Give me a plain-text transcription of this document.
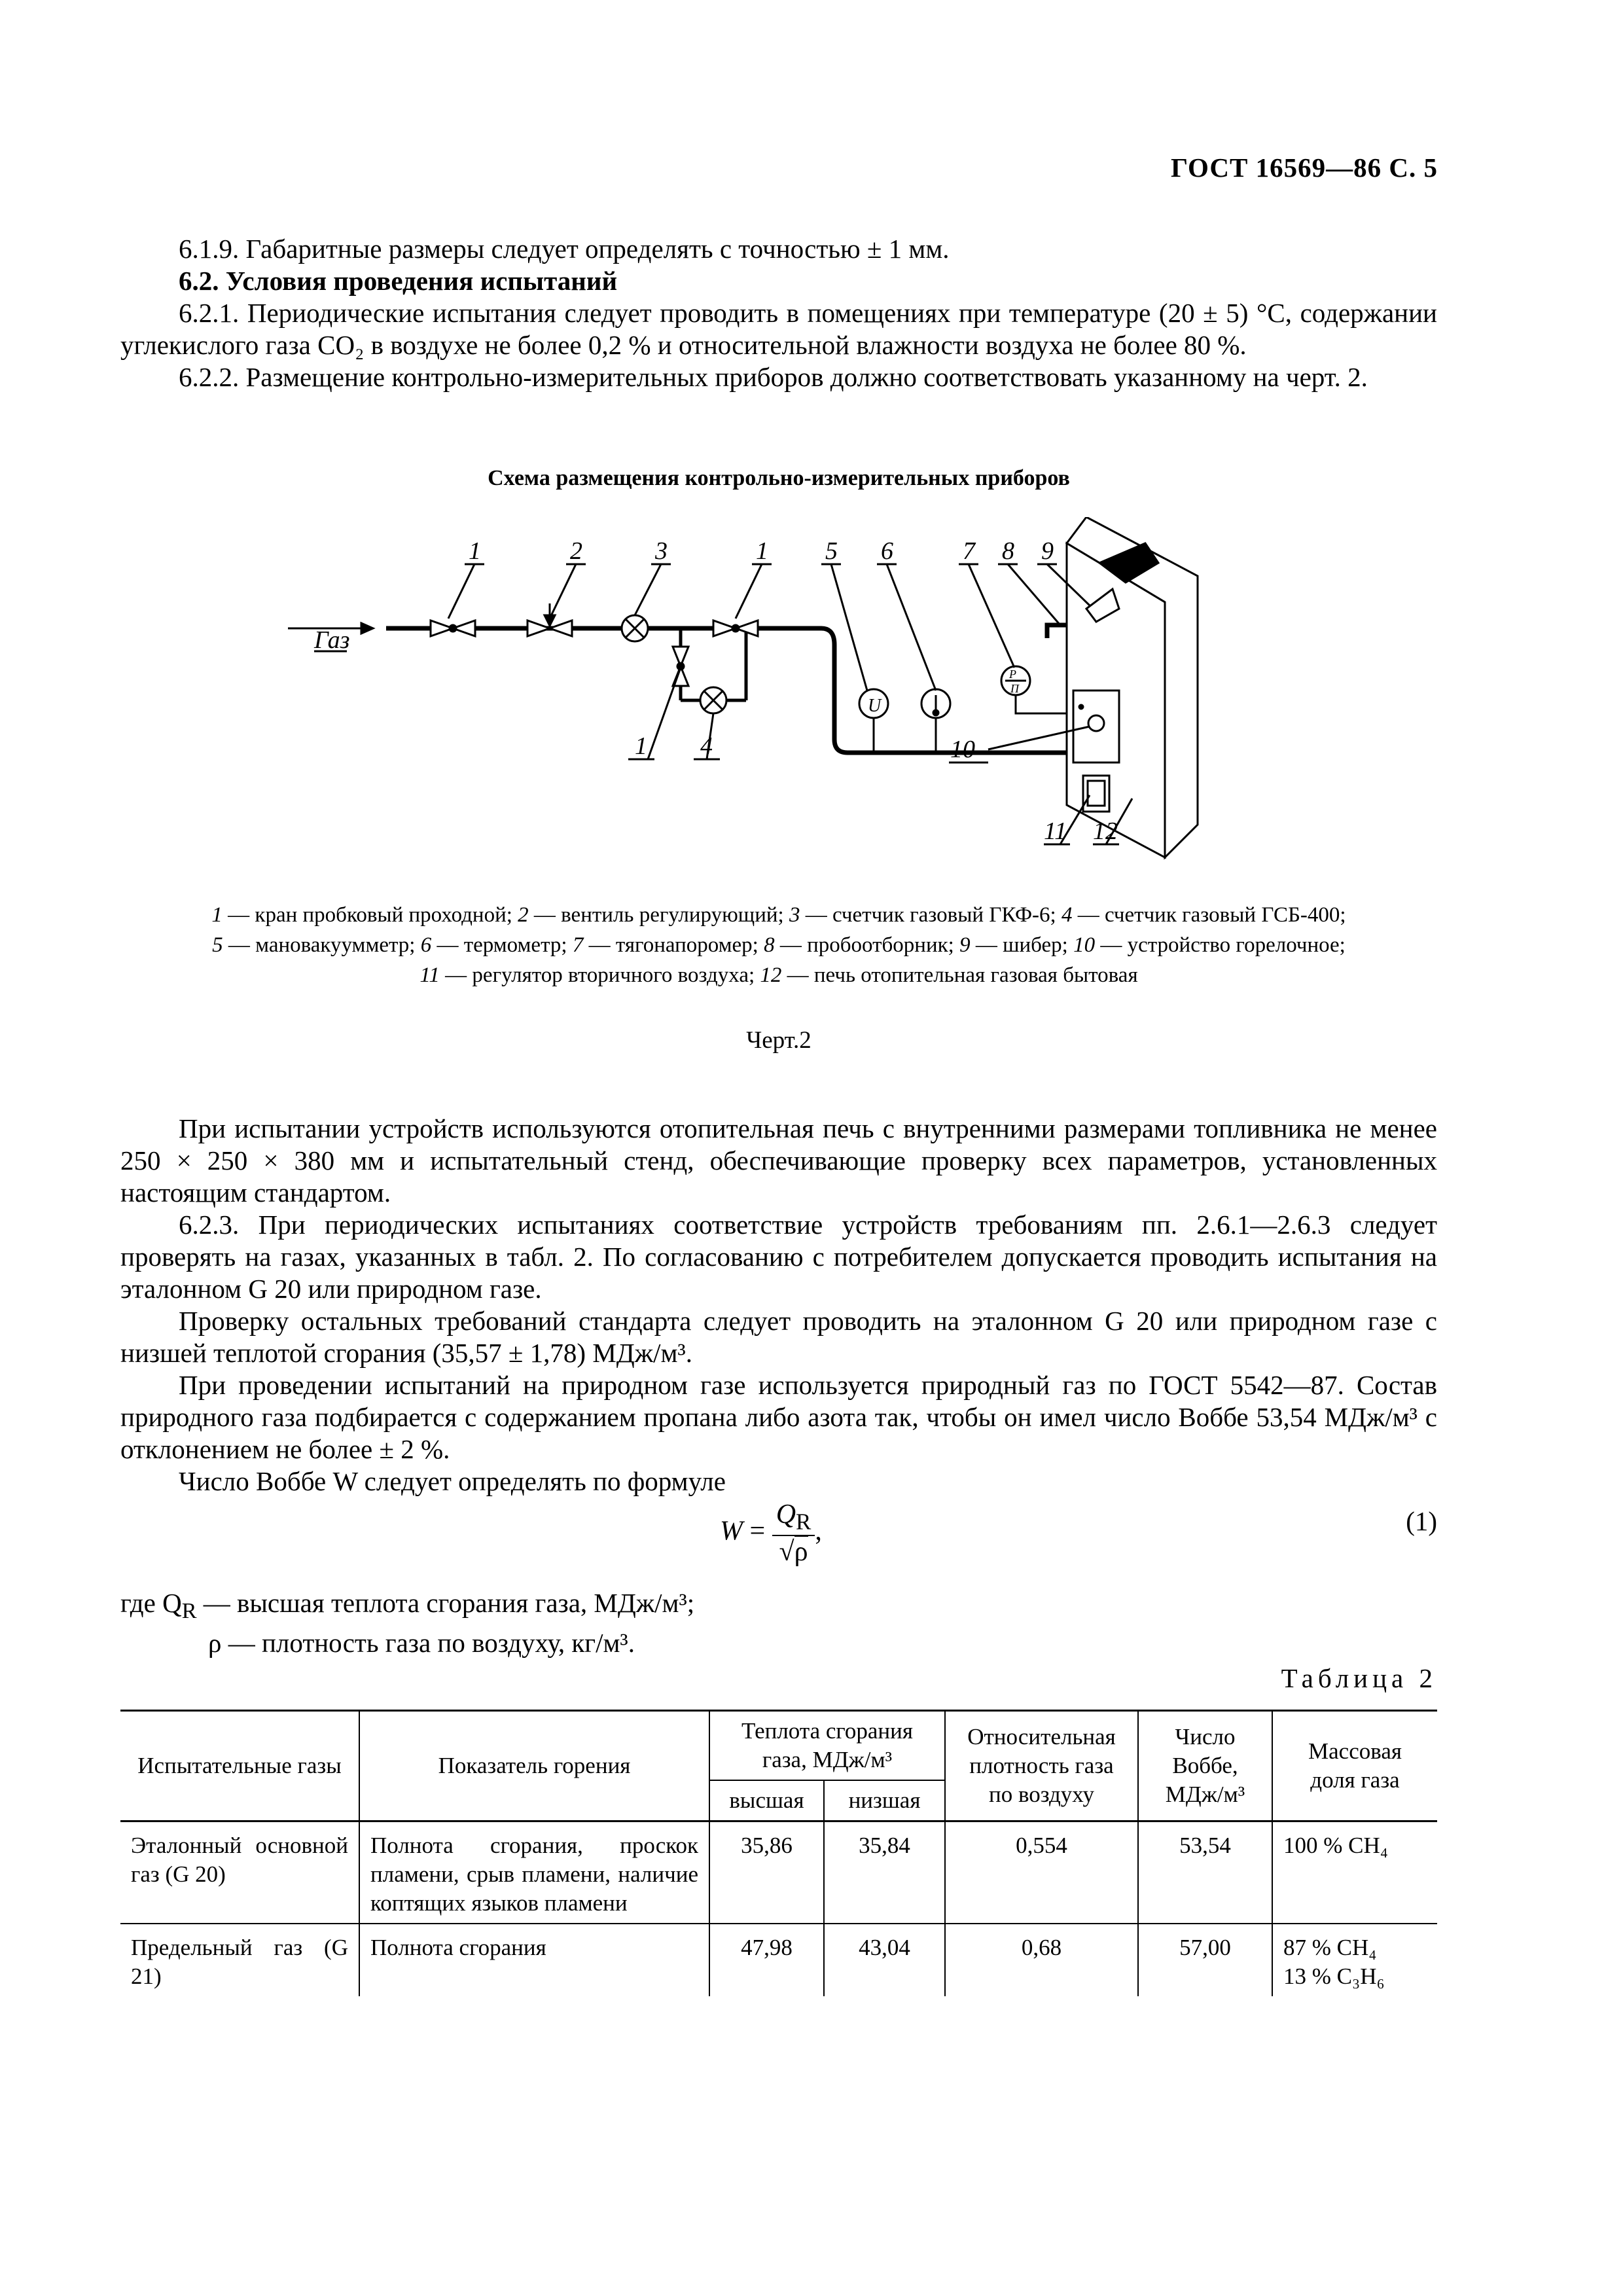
ГОСТ 16569—86 С. 5

6.1.9. Габаритные размеры следует определять с точностью ± 1 мм.

6.2. Условия проведения испытаний

6.2.1. Периодические испытания следует проводить в помещениях при температуре (20 ± 5) °С, содержании углекислого газа СО₂ в воздухе не более 0,2 % и относительной влажности воздуха не более 80 %.

6.2.2. Размещение контрольно-измерительных приборов должно соответствовать указанному на черт. 2.

Схема размещения контрольно-измерительных приборов
Газ
1	2	3	1 5 6	7 8 9
1 4	10
11 12
U
Р
П
1 — кран пробковый проходной; 2 — вентиль регулирующий; 3 — счетчик газовый ГКФ-6; 4 — счетчик газовый ГСБ-400;
5 — мановакуумметр; 6 — термометр; 7 — тягонапоромер; 8 — пробоотборник; 9 — шибер; 10 — устройство горелочное;
11 — регулятор вторичного воздуха; 12 — печь отопительная газовая бытовая
Черт.2

При испытании устройств используются отопительная печь с внутренними размерами топливника не менее 250 × 250 × 380 мм и испытательный стенд, обеспечивающие проверку всех параметров, установленных настоящим стандартом.

6.2.3. При периодических испытаниях соответствие устройств требованиям пп. 2.6.1—2.6.3 следует проверять на газах, указанных в табл. 2. По согласованию с потребителем допускается проводить испытания на эталонном G 20 или природном газе.

Проверку остальных требований стандарта следует проводить на эталонном G 20 или природном газе с низшей теплотой сгорания (35,57 ± 1,78) МДж/м³.

При проведении испытаний на природном газе используется природный газ по ГОСТ 5542—87. Состав природного газа подбирается с содержанием пропана либо азота так, чтобы он имел число Воббе 53,54 МДж/м³ с отклонением не более ± 2 %.

Число Воббе W следует определять по формуле

$W = \frac{Q_R}{√\rho}$ ,	(1)

где $Q_R$ — высшая теплота сгорания газа, МДж/м³;

ρ — плотность газа по воздуху, кг/м³.

Таблица 2
Испытательные газы	Показатель горения	Теплота сгорания газа, МДж/м³		Относительная плотность газа по воздуху	Число Воббе, МДж/м³	Массовая доля газа
		высшая	низшая			
Эталонный основной газ (G 20)	Полнота сгорания, проскок пламени, срыв пламени, наличие коптящих языков пламени	35,86	35,84	0,554	53,54	100 % CH₄

Предельный газ (G 21)	Полнота сгорания	47,98	43,04	0,68	57,00	87 % CH₄
13 % C₃H₆
